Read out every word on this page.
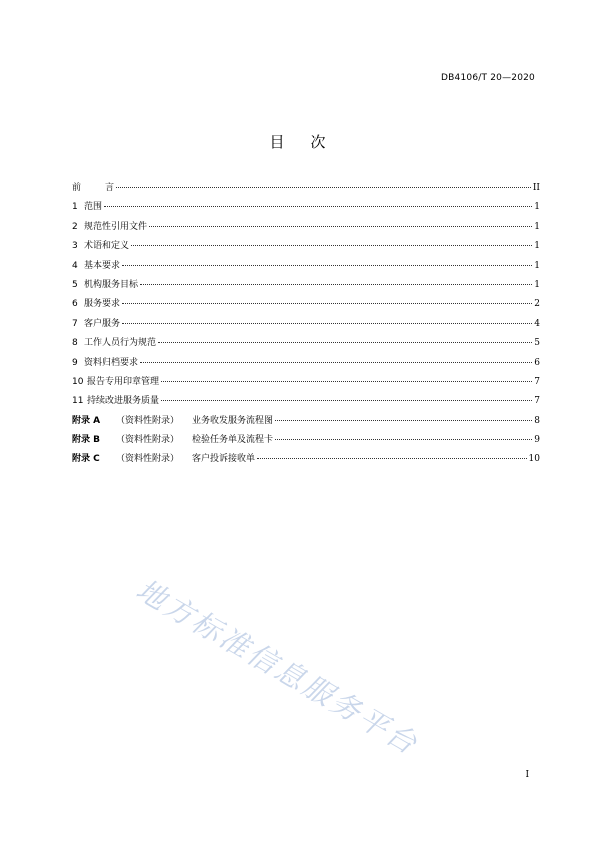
DB4106/T 20—2020
目次
前	言	II
1 范围	1
2 规范性引用文件	1
3 术语和定义	1
4 基本要求	1
5 机构服务目标	1
6 服务要求	2
7 客户服务	4
8 工作人员行为规范	5
9 资料归档要求	6
10 报告专用印章管理	7
11 持续改进服务质量	7
附录 A	（资料性附录）	业务收发服务流程图	8
附录 B	（资料性附录）	检验任务单及流程卡	9
附录 C	（资料性附录）	客户投诉接收单	10
地方标准信息服务平台
I
